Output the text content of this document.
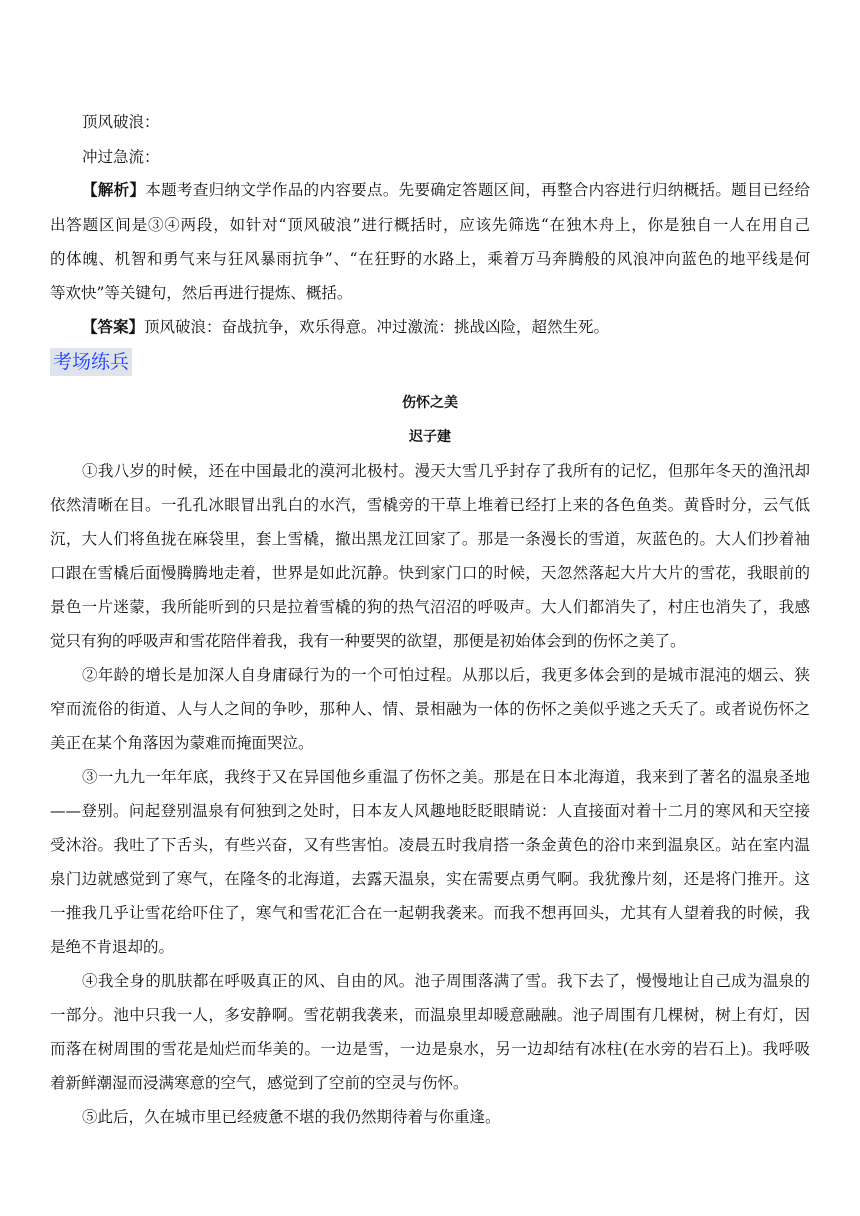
顶风破浪：
冲过急流：
【解析】本题考查归纳文学作品的内容要点。先要确定答题区间，再整合内容进行归纳概括。题目已经给
出答题区间是③④两段，如针对“顶风破浪”进行概括时，应该先筛选“在独木舟上，你是独自一人在用自己
的体魄、机智和勇气来与狂风暴雨抗争”、“在狂野的水路上，乘着万马奔腾般的风浪冲向蓝色的地平线是何
等欢快”等关键句，然后再进行提炼、概括。
【答案】顶风破浪：奋战抗争，欢乐得意。冲过激流：挑战凶险，超然生死。
考场练兵
伤怀之美
迟子建
①我八岁的时候，还在中国最北的漠河北极村。漫天大雪几乎封存了我所有的记忆，但那年冬天的渔汛却
依然清晰在目。一孔孔冰眼冒出乳白的水汽，雪橇旁的干草上堆着已经打上来的各色鱼类。黄昏时分，云气低
沉，大人们将鱼拢在麻袋里，套上雪橇，撤出黑龙江回家了。那是一条漫长的雪道，灰蓝色的。大人们抄着袖
口跟在雪橇后面慢腾腾地走着，世界是如此沉静。快到家门口的时候，天忽然落起大片大片的雪花，我眼前的
景色一片迷蒙，我所能听到的只是拉着雪橇的狗的热气沼沼的呼吸声。大人们都消失了，村庄也消失了，我感
觉只有狗的呼吸声和雪花陪伴着我，我有一种要哭的欲望，那便是初始体会到的伤怀之美了。
②年龄的增长是加深人自身庸碌行为的一个可怕过程。从那以后，我更多体会到的是城市混沌的烟云、狭
窄而流俗的街道、人与人之间的争吵，那种人、情、景相融为一体的伤怀之美似乎逃之夭夭了。或者说伤怀之
美正在某个角落因为蒙难而掩面哭泣。
③一九九一年年底，我终于又在异国他乡重温了伤怀之美。那是在日本北海道，我来到了著名的温泉圣地
——登别。问起登别温泉有何独到之处时，日本友人风趣地眨眨眼睛说：人直接面对着十二月的寒风和天空接
受沐浴。我吐了下舌头，有些兴奋，又有些害怕。凌晨五时我肩搭一条金黄色的浴巾来到温泉区。站在室内温
泉门边就感觉到了寒气，在隆冬的北海道，去露天温泉，实在需要点勇气啊。我犹豫片刻，还是将门推开。这
一推我几乎让雪花给吓住了，寒气和雪花汇合在一起朝我袭来。而我不想再回头，尤其有人望着我的时候，我
是绝不肯退却的。
④我全身的肌肤都在呼吸真正的风、自由的风。池子周围落满了雪。我下去了，慢慢地让自己成为温泉的
一部分。池中只我一人，多安静啊。雪花朝我袭来，而温泉里却暖意融融。池子周围有几棵树，树上有灯，因
而落在树周围的雪花是灿烂而华美的。一边是雪，一边是泉水，另一边却结有冰柱(在水旁的岩石上)。我呼吸
着新鲜潮湿而浸满寒意的空气，感觉到了空前的空灵与伤怀。
⑤此后，久在城市里已经疲惫不堪的我仍然期待着与你重逢。
